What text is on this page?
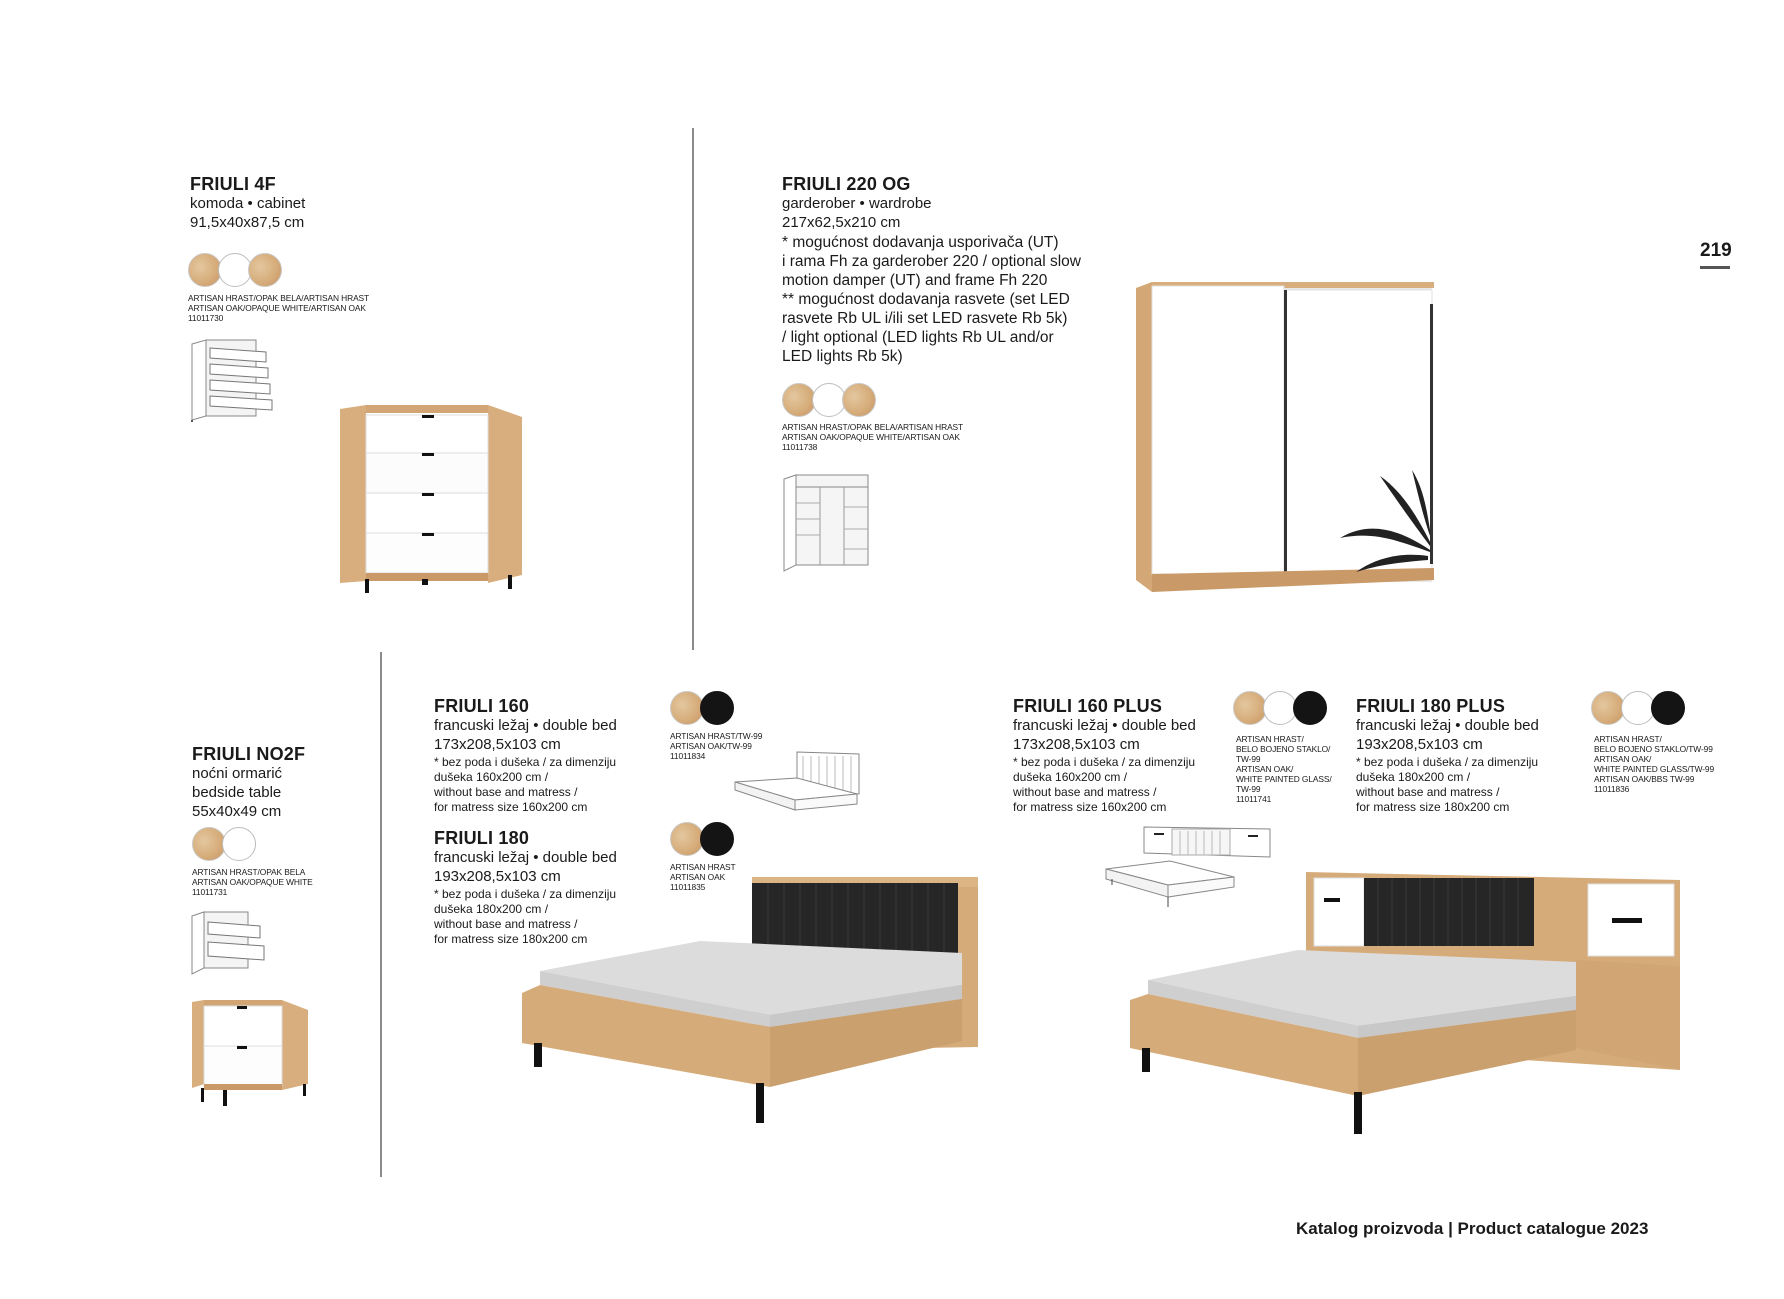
219
FRIULI 4F
komoda • cabinet
91,5x40x87,5 cm
ARTISAN HRAST/OPAK BELA/ARTISAN HRAST
ARTISAN OAK/OPAQUE WHITE/ARTISAN OAK
11011730
FRIULI 220 OG
garderober • wardrobe
217x62,5x210 cm
* mogućnost dodavanja usporivača (UT)
i rama Fh za garderober 220 / optional slow
motion damper (UT) and frame Fh 220
** mogućnost dodavanja rasvete (set LED
rasvete Rb UL i/ili set LED rasvete Rb 5k)
/ light optional (LED lights Rb UL and/or
LED lights Rb 5k)
ARTISAN HRAST/OPAK BELA/ARTISAN HRAST
ARTISAN OAK/OPAQUE WHITE/ARTISAN OAK
11011738
FRIULI NO2F
noćni ormarić
bedside table
55x40x49 cm
ARTISAN HRAST/OPAK BELA
ARTISAN OAK/OPAQUE WHITE
11011731
FRIULI 160
francuski ležaj • double bed
173x208,5x103 cm
* bez poda i dušeka / za dimenziju
dušeka 160x200 cm /
without base and matress /
for matress size 160x200 cm
ARTISAN HRAST/TW-99
ARTISAN OAK/TW-99
11011834
FRIULI 180
francuski ležaj • double bed
193x208,5x103 cm
* bez poda i dušeka / za dimenziju
dušeka 180x200 cm /
without base and matress /
for matress size 180x200 cm
ARTISAN HRAST
ARTISAN OAK
11011835
FRIULI 160 PLUS
francuski ležaj • double bed
173x208,5x103 cm
* bez poda i dušeka / za dimenziju
dušeka 160x200 cm /
without base and matress /
for matress size 160x200 cm
ARTISAN HRAST/
BELO BOJENO STAKLO/
TW-99
ARTISAN OAK/
WHITE PAINTED GLASS/
TW-99
11011741
FRIULI 180 PLUS
francuski ležaj • double bed
193x208,5x103 cm
* bez poda i dušeka / za dimenziju
dušeka 180x200 cm /
without base and matress /
for matress size 180x200 cm
ARTISAN HRAST/
BELO BOJENO STAKLO/TW-99
ARTISAN OAK/
WHITE PAINTED GLASS/TW-99
ARTISAN OAK/BBS TW-99
11011836
Katalog proizvoda | Product catalogue 2023
